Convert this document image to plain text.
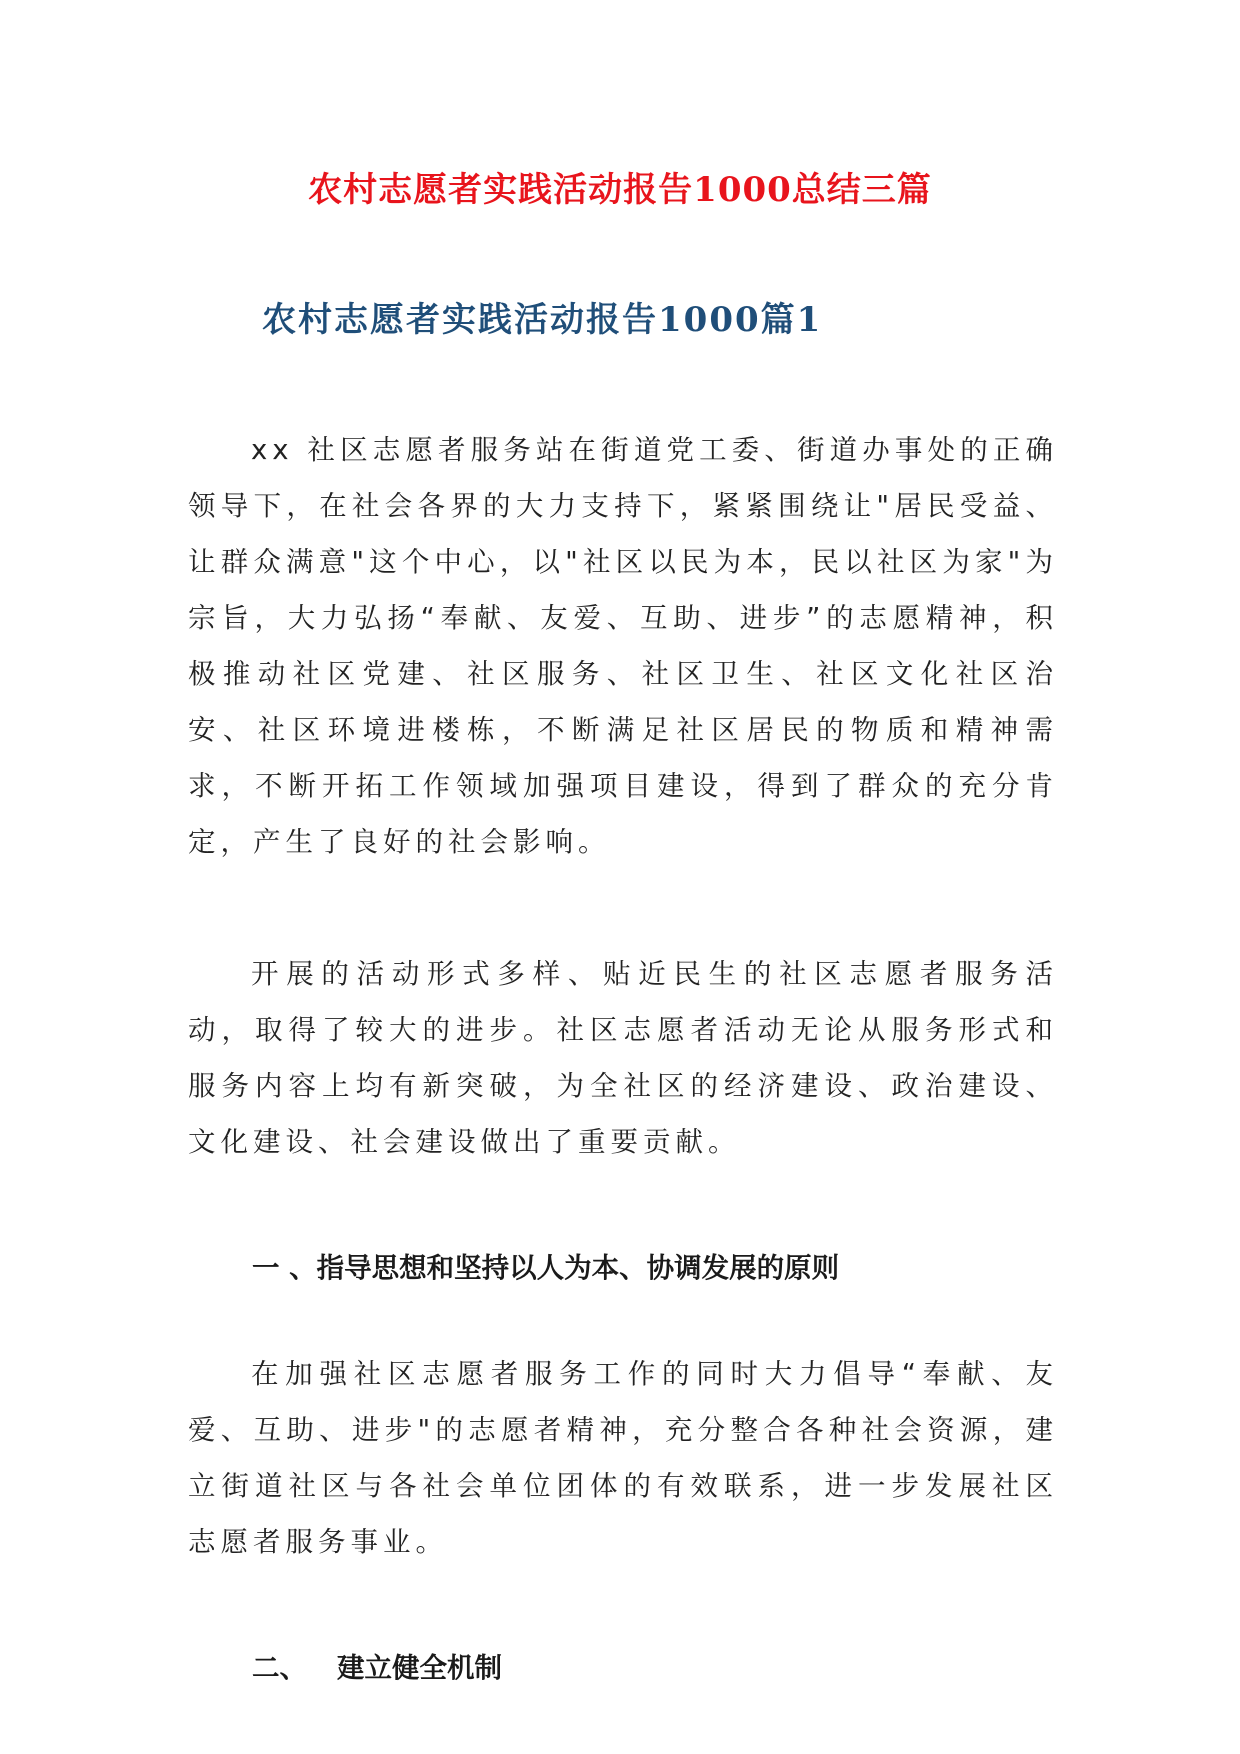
农村志愿者实践活动报告1000总结三篇
农村志愿者实践活动报告1000篇1

xx 社区志愿者服务站在街道党工委、街道办事处的正确领导下，在社会各界的大力支持下，紧紧围绕让"居民受益、让群众满意"这个中心，以"社区以民为本，民以社区为家"为宗旨，大力弘扬“奉献、友爱、互助、进步”的志愿精神，积极推动社区党建、社区服务、社区卫生、社区文化社区治安、社区环境进楼栋，不断满足社区居民的物质和精神需求，不断开拓工作领域加强项目建设，得到了群众的充分肯定，产生了良好的社会影响。

开展的活动形式多样、贴近民生的社区志愿者服务活动，取得了较大的进步。社区志愿者活动无论从服务形式和服务内容上均有新突破，为全社区的经济建设、政治建设、文化建设、社会建设做出了重要贡献。

一 、指导思想和坚持以人为本、协调发展的原则

在加强社区志愿者服务工作的同时大力倡导“奉献、友爱、互助、进步"的志愿者精神，充分整合各种社会资源，建立街道社区与各社会单位团体的有效联系，进一步发展社区志愿者服务事业。

二、 建立健全机制
